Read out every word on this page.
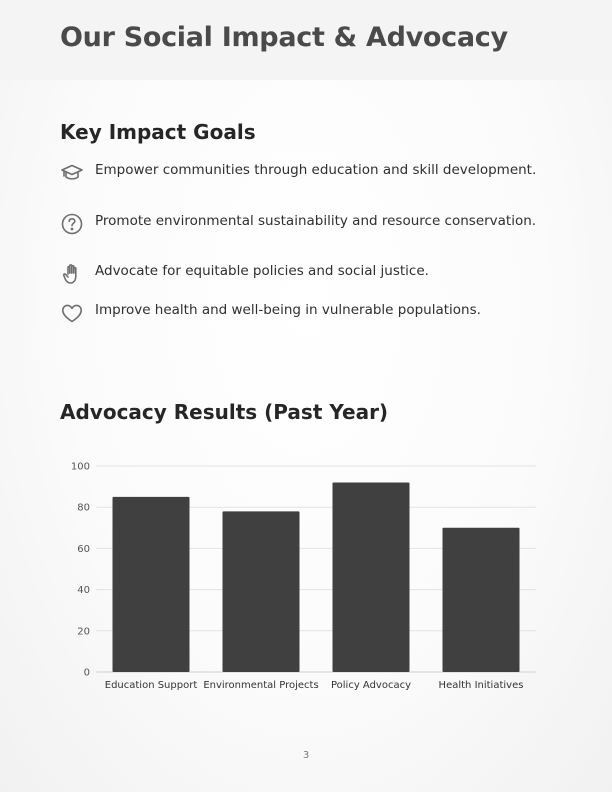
Our Social Impact & Advocacy
Key Impact Goals
Empower communities through education and skill development.
Promote environmental sustainability and resource conservation.
Advocate for equitable policies and social justice.
Improve health and well-being in vulnerable populations.
Advocacy Results (Past Year)
0
20
40
60
80
100
Education Support Environmental Projects Policy Advocacy	Health Initiatives
3
